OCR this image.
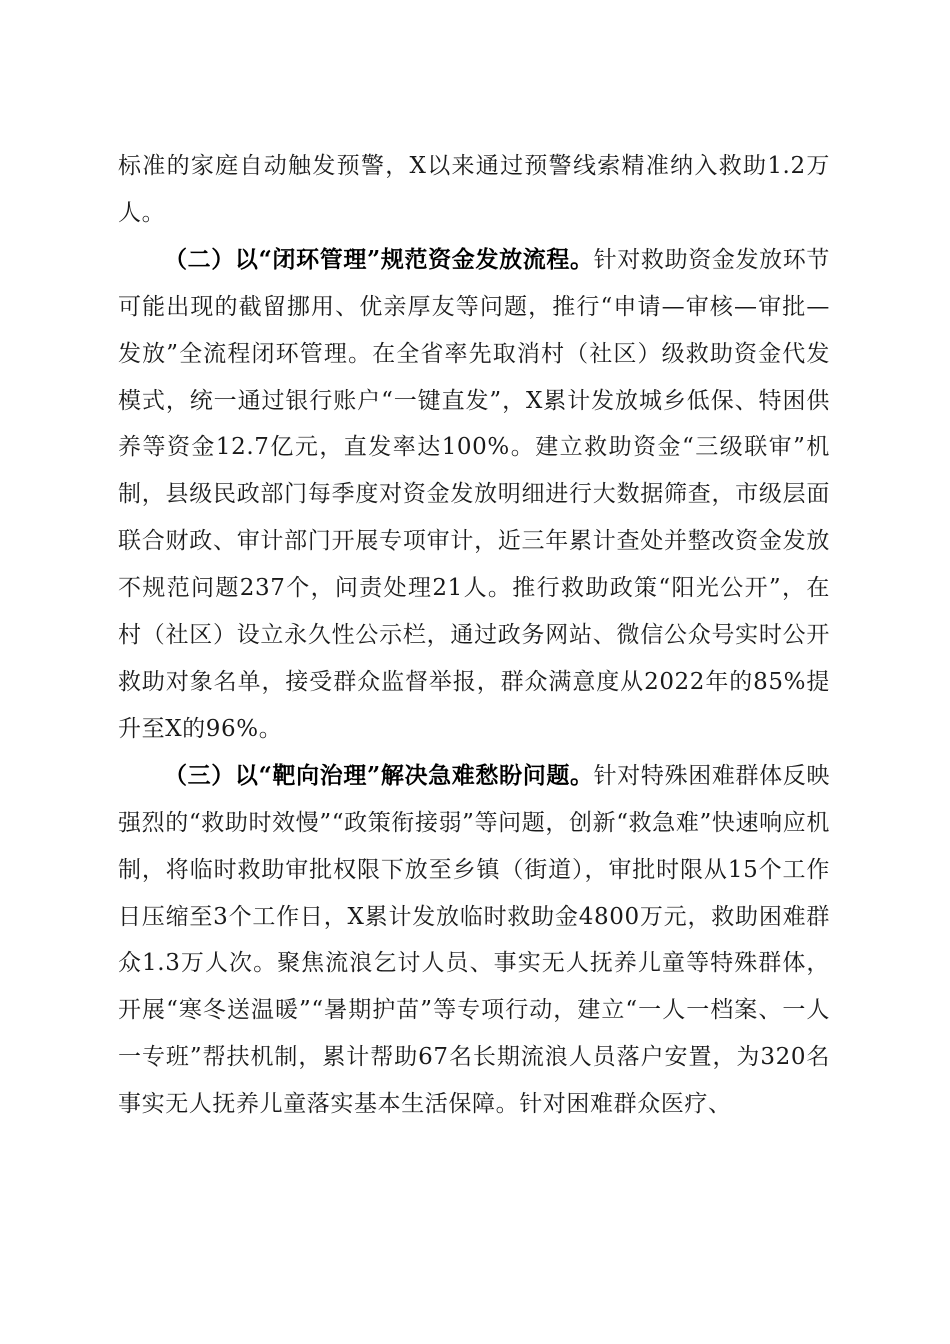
标准的家庭自动触发预警，X以来通过预警线索精准纳入救助1.2万人。

（二）以“闭环管理”规范资金发放流程。针对救助资金发放环节可能出现的截留挪用、优亲厚友等问题，推行“申请—审核—审批—发放”全流程闭环管理。在全省率先取消村（社区）级救助资金代发模式，统一通过银行账户“一键直发”，X累计发放城乡低保、特困供养等资金12.7亿元，直发率达100%。建立救助资金“三级联审”机制，县级民政部门每季度对资金发放明细进行大数据筛查，市级层面联合财政、审计部门开展专项审计，近三年累计查处并整改资金发放不规范问题237个，问责处理21人。推行救助政策“阳光公开”，在村（社区）设立永久性公示栏，通过政务网站、微信公众号实时公开救助对象名单，接受群众监督举报，群众满意度从2022年的85%提升至X的96%。

（三）以“靶向治理”解决急难愁盼问题。针对特殊困难群体反映强烈的“救助时效慢”“政策衔接弱”等问题，创新“救急难”快速响应机制，将临时救助审批权限下放至乡镇（街道），审批时限从15个工作日压缩至3个工作日，X累计发放临时救助金4800万元，救助困难群众1.3万人次。聚焦流浪乞讨人员、事实无人抚养儿童等特殊群体，开展“寒冬送温暖”“暑期护苗”等专项行动，建立“一人一档案、一人一专班”帮扶机制，累计帮助67名长期流浪人员落户安置，为320名事实无人抚养儿童落实基本生活保障。针对困难群众医疗、
